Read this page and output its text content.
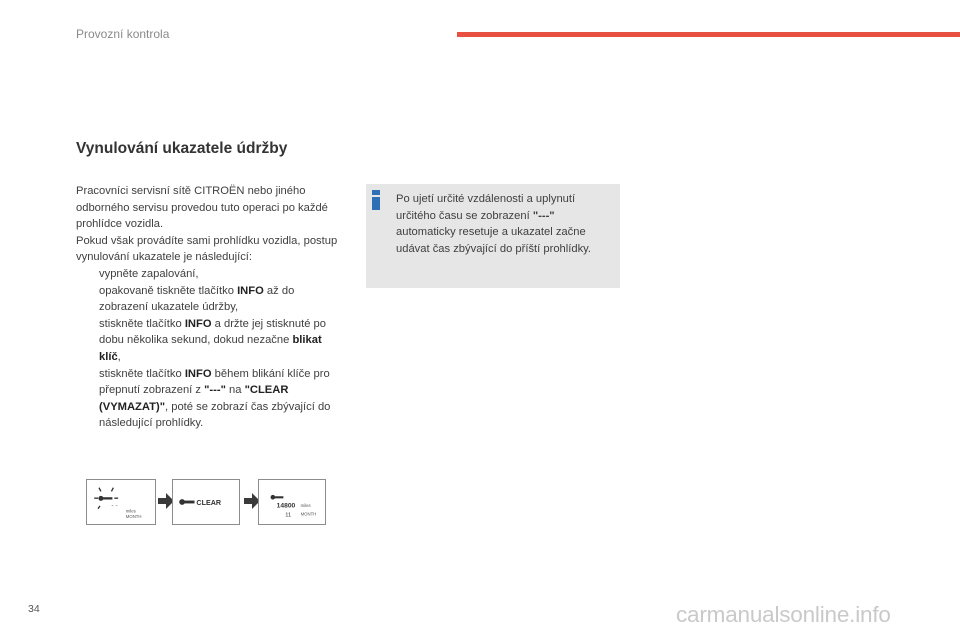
Provozní kontrola
Vynulování ukazatele údržby

Pracovníci servisní sítě CITROËN nebo jiného odborného servisu provedou tuto operaci po každé prohlídce vozidla.

Pokud však provádíte sami prohlídku vozidla, postup vynulování ukazatele je následující:

vypněte zapalování,

opakovaně tiskněte tlačítko INFO až do zobrazení ukazatele údržby,

stiskněte tlačítko INFO a držte jej stisknuté po dobu několika sekund, dokud nezačne blikat klíč,

stiskněte tlačítko INFO během blikání klíče pro přepnutí zobrazení z "---" na "CLEAR (VYMAZAT)", poté se zobrazí čas zbývající do následující prohlídky.

Po ujetí určité vzdálenosti a uplynutí určitého času se zobrazení "---" automaticky resetuje a ukazatel začne udávat čas zbývající do příští prohlídky.

- -
miles
MONTH
CLEAR	14800
11
miles
MONTH
34	carmanualsonline.info
